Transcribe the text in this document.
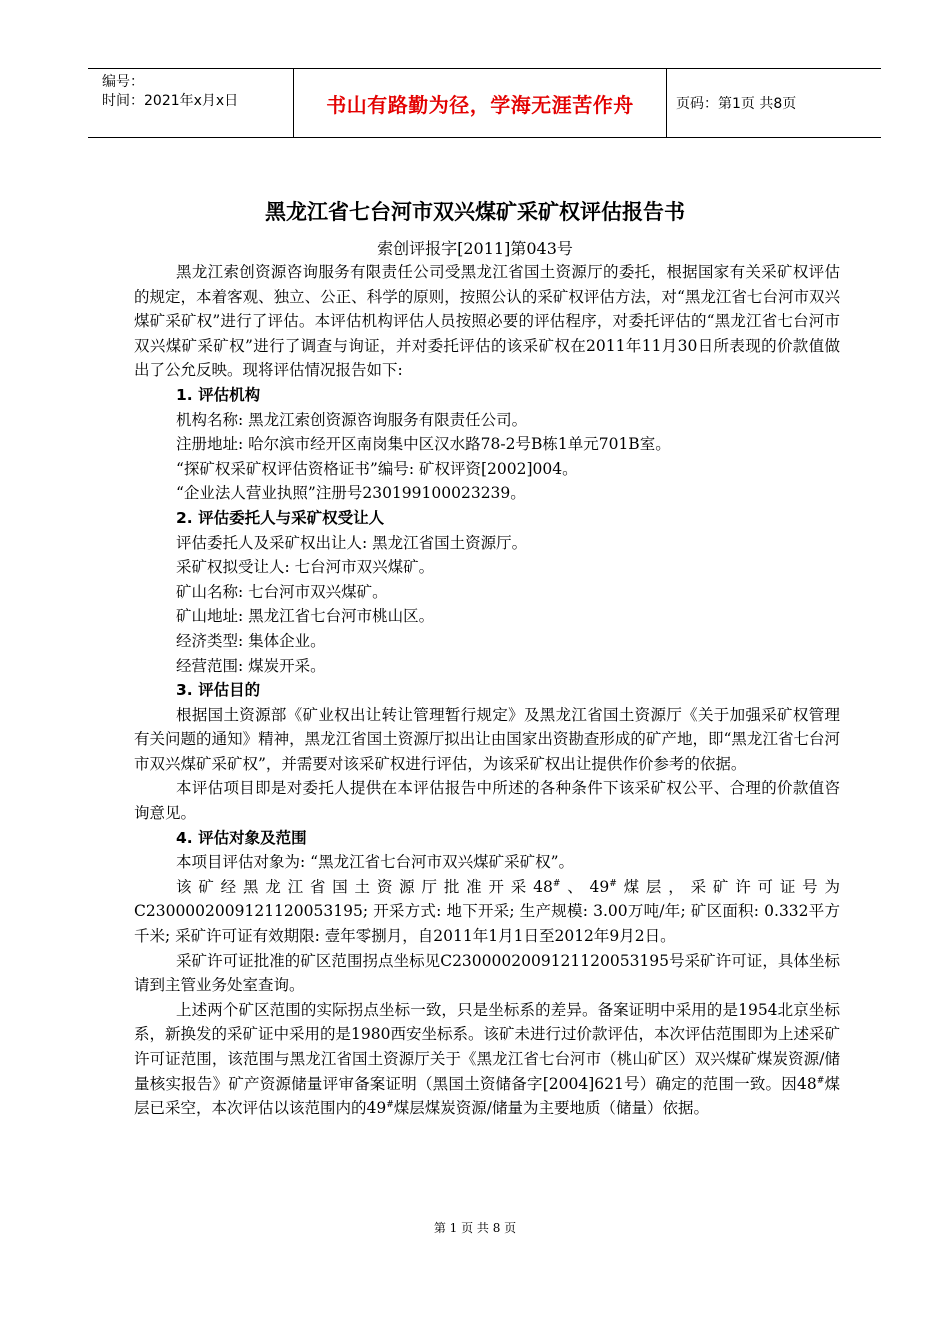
编号：
时间：2021年x月x日	书山有路勤为径，学海无涯苦作舟	页码：第1页 共8页
黑龙江省七台河市双兴煤矿采矿权评估报告书
索创评报字[2011]第043号

黑龙江索创资源咨询服务有限责任公司受黑龙江省国土资源厅的委托，根据国家有关采矿权评估的规定，本着客观、独立、公正、科学的原则，按照公认的采矿权评估方法，对“黑龙江省七台河市双兴煤矿采矿权”进行了评估。本评估机构评估人员按照必要的评估程序，对委托评估的“黑龙江省七台河市双兴煤矿采矿权”进行了调查与询证，并对委托评估的该采矿权在2011年11月30日所表现的价款值做出了公允反映。现将评估情况报告如下:

1. 评估机构

机构名称: 黑龙江索创资源咨询服务有限责任公司。

注册地址: 哈尔滨市经开区南岗集中区汉水路78-2号B栋1单元701B室。

“探矿权采矿权评估资格证书”编号: 矿权评资[2002]004。

“企业法人营业执照”注册号230199100023239。

2. 评估委托人与采矿权受让人

评估委托人及采矿权出让人: 黑龙江省国土资源厅。

采矿权拟受让人: 七台河市双兴煤矿。

矿山名称: 七台河市双兴煤矿。

矿山地址: 黑龙江省七台河市桃山区。

经济类型: 集体企业。

经营范围: 煤炭开采。

3. 评估目的

根据国土资源部《矿业权出让转让管理暂行规定》及黑龙江省国土资源厅《关于加强采矿权管理有关问题的通知》精神，黑龙江省国土资源厅拟出让由国家出资勘查形成的矿产地，即“黑龙江省七台河市双兴煤矿采矿权”，并需要对该采矿权进行评估，为该采矿权出让提供作价参考的依据。

本评估项目即是对委托人提供在本评估报告中所述的各种条件下该采矿权公平、合理的价款值咨询意见。

4. 评估对象及范围

本项目评估对象为: “黑龙江省七台河市双兴煤矿采矿权”。

该矿经黑龙江省国土资源厅批准开采48#、49#煤层，采矿许可证号为C2300002009121120053195; 开采方式: 地下开采; 生产规模: 3.00万吨/年; 矿区面积: 0.332平方千米; 采矿许可证有效期限: 壹年零捌月，自2011年1月1日至2012年9月2日。

采矿许可证批准的矿区范围拐点坐标见C2300002009121120053195号采矿许可证，具体坐标请到主管业务处室查询。

上述两个矿区范围的实际拐点坐标一致，只是坐标系的差异。备案证明中采用的是1954北京坐标系，新换发的采矿证中采用的是1980西安坐标系。该矿未进行过价款评估，本次评估范围即为上述采矿许可证范围，该范围与黑龙江省国土资源厅关于《黑龙江省七台河市（桃山矿区）双兴煤矿煤炭资源/储量核实报告》矿产资源储量评审备案证明（黑国土资储备字[2004]621号）确定的范围一致。因48#煤层已采空，本次评估以该范围内的49#煤层煤炭资源/储量为主要地质（储量）依据。

第 1 页 共 8 页
